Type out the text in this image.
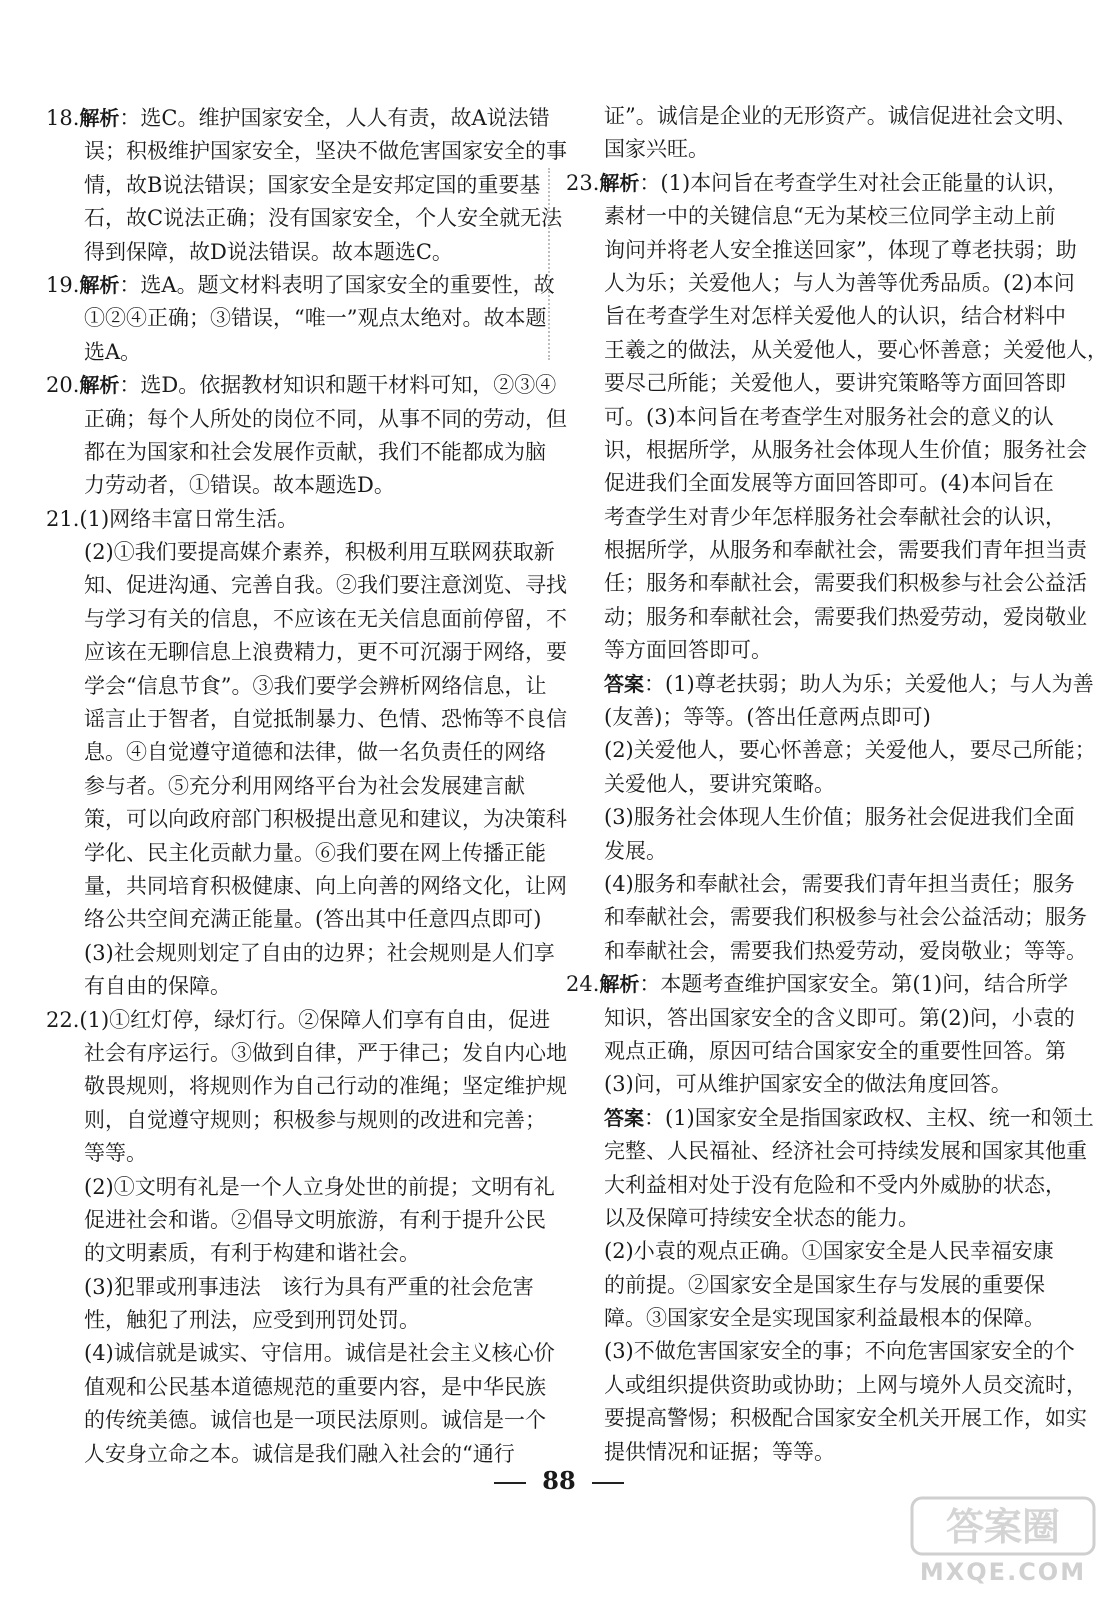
18.解析：选C。维护国家安全，人人有责，故A说法错
误；积极维护国家安全，坚决不做危害国家安全的事
情，故B说法错误；国家安全是安邦定国的重要基
石，故C说法正确；没有国家安全，个人安全就无法
得到保障，故D说法错误。故本题选C。
19.解析：选A。题文材料表明了国家安全的重要性，故
①②④正确；③错误，“唯一”观点太绝对。故本题
选A。
20.解析：选D。依据教材知识和题干材料可知，②③④
正确；每个人所处的岗位不同，从事不同的劳动，但
都在为国家和社会发展作贡献，我们不能都成为脑
力劳动者，①错误。故本题选D。
21.(1)网络丰富日常生活。
(2)①我们要提高媒介素养，积极利用互联网获取新
知、促进沟通、完善自我。②我们要注意浏览、寻找
与学习有关的信息，不应该在无关信息面前停留，不
应该在无聊信息上浪费精力，更不可沉溺于网络，要
学会“信息节食”。③我们要学会辨析网络信息，让
谣言止于智者，自觉抵制暴力、色情、恐怖等不良信
息。④自觉遵守道德和法律，做一名负责任的网络
参与者。⑤充分利用网络平台为社会发展建言献
策，可以向政府部门积极提出意见和建议，为决策科
学化、民主化贡献力量。⑥我们要在网上传播正能
量，共同培育积极健康、向上向善的网络文化，让网
络公共空间充满正能量。(答出其中任意四点即可)
(3)社会规则划定了自由的边界；社会规则是人们享
有自由的保障。
22.(1)①红灯停，绿灯行。②保障人们享有自由，促进
社会有序运行。③做到自律，严于律己；发自内心地
敬畏规则，将规则作为自己行动的准绳；坚定维护规
则，自觉遵守规则；积极参与规则的改进和完善；
等等。
(2)①文明有礼是一个人立身处世的前提；文明有礼
促进社会和谐。②倡导文明旅游，有利于提升公民
的文明素质，有利于构建和谐社会。
(3)犯罪或刑事违法　该行为具有严重的社会危害
性，触犯了刑法，应受到刑罚处罚。
(4)诚信就是诚实、守信用。诚信是社会主义核心价
值观和公民基本道德规范的重要内容，是中华民族
的传统美德。诚信也是一项民法原则。诚信是一个
人安身立命之本。诚信是我们融入社会的“通行
证”。诚信是企业的无形资产。诚信促进社会文明、
国家兴旺。
23.解析：(1)本问旨在考查学生对社会正能量的认识，
素材一中的关键信息“无为某校三位同学主动上前
询问并将老人安全推送回家”，体现了尊老扶弱；助
人为乐；关爱他人；与人为善等优秀品质。(2)本问
旨在考查学生对怎样关爱他人的认识，结合材料中
王羲之的做法，从关爱他人，要心怀善意；关爱他人，
要尽己所能；关爱他人，要讲究策略等方面回答即
可。(3)本问旨在考查学生对服务社会的意义的认
识，根据所学，从服务社会体现人生价值；服务社会
促进我们全面发展等方面回答即可。(4)本问旨在
考查学生对青少年怎样服务社会奉献社会的认识，
根据所学，从服务和奉献社会，需要我们青年担当责
任；服务和奉献社会，需要我们积极参与社会公益活
动；服务和奉献社会，需要我们热爱劳动，爱岗敬业
等方面回答即可。
答案：(1)尊老扶弱；助人为乐；关爱他人；与人为善
(友善)；等等。(答出任意两点即可)
(2)关爱他人，要心怀善意；关爱他人，要尽己所能；
关爱他人，要讲究策略。
(3)服务社会体现人生价值；服务社会促进我们全面
发展。
(4)服务和奉献社会，需要我们青年担当责任；服务
和奉献社会，需要我们积极参与社会公益活动；服务
和奉献社会，需要我们热爱劳动，爱岗敬业；等等。
24.解析：本题考查维护国家安全。第(1)问，结合所学
知识，答出国家安全的含义即可。第(2)问，小袁的
观点正确，原因可结合国家安全的重要性回答。第
(3)问，可从维护国家安全的做法角度回答。
答案：(1)国家安全是指国家政权、主权、统一和领土
完整、人民福祉、经济社会可持续发展和国家其他重
大利益相对处于没有危险和不受内外威胁的状态，
以及保障可持续安全状态的能力。
(2)小袁的观点正确。①国家安全是人民幸福安康
的前提。②国家安全是国家生存与发展的重要保
障。③国家安全是实现国家利益最根本的保障。
(3)不做危害国家安全的事；不向危害国家安全的个
人或组织提供资助或协助；上网与境外人员交流时，
要提高警惕；积极配合国家安全机关开展工作，如实
提供情况和证据；等等。
88
答案圈
MXQE.COM
